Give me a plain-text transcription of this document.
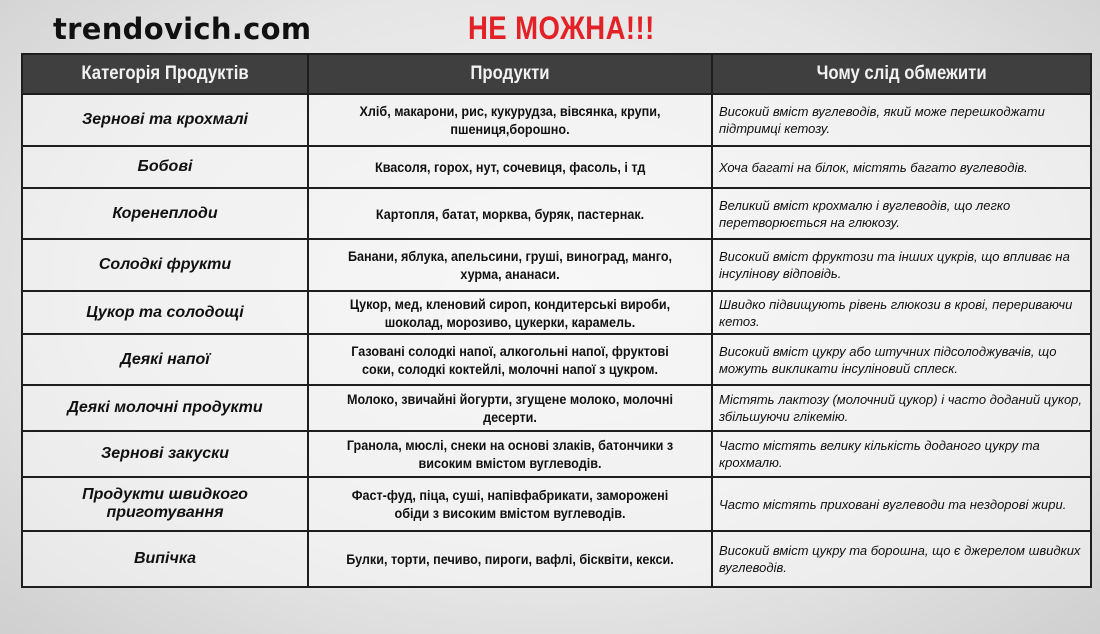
trendovich.com	НЕ МОЖНА!!!
Категорія Продуктів	Продукти	Чому слід обмежити
Зернові та крохмалі	Хліб, макарони, рис, кукурудза, вівсянка, крупи, пшениця,борошно.	Високий вміст вуглеводів, який може перешкоджати підтримці кетозу.
Бобові	Квасоля, горох, нут, сочевиця, фасоль, і тд	Хоча багаті на білок, містять багато вуглеводів.
Коренеплоди	Картопля, батат, морква, буряк, пастернак.	Великий вміст крохмалю і вуглеводів, що легко перетворюється на глюкозу.
Солодкі фрукти	Банани, яблука, апельсини, груші, виноград, манго, хурма, ананаси.	Високий вміст фруктози та інших цукрів, що впливає на інсулінову відповідь.
Цукор та солодощі	Цукор, мед, кленовий сироп, кондитерські вироби, шоколад, морозиво, цукерки, карамель.	Швидко підвищують рівень глюкози в крові, перериваючи кетоз.
Деякі напої	Газовані солодкі напої, алкогольні напої, фруктові соки, солодкі коктейлі, молочні напої з цукром.	Високий вміст цукру або штучних підсолоджувачів, що можуть викликати інсуліновий сплеск.
Деякі молочні продукти	Молоко, звичайні йогурти, згущене молоко, молочні десерти.	Містять лактозу (молочний цукор) і часто доданий цукор, збільшуючи глікемію.
Зернові закуски	Гранола, мюслі, снеки на основі злаків, батончики з високим вмістом вуглеводів.	Часто містять велику кількість доданого цукру та крохмалю.
Продукти швидкого приготування	Фаст-фуд, піца, суші, напівфабрикати, заморожені обіди з високим вмістом вуглеводів.	Часто містять приховані вуглеводи та нездорові жири.
Випічка	Булки, торти, печиво, пироги, вафлі, бісквіти, кекси.	Високий вміст цукру та борошна, що є джерелом швидких вуглеводів.
